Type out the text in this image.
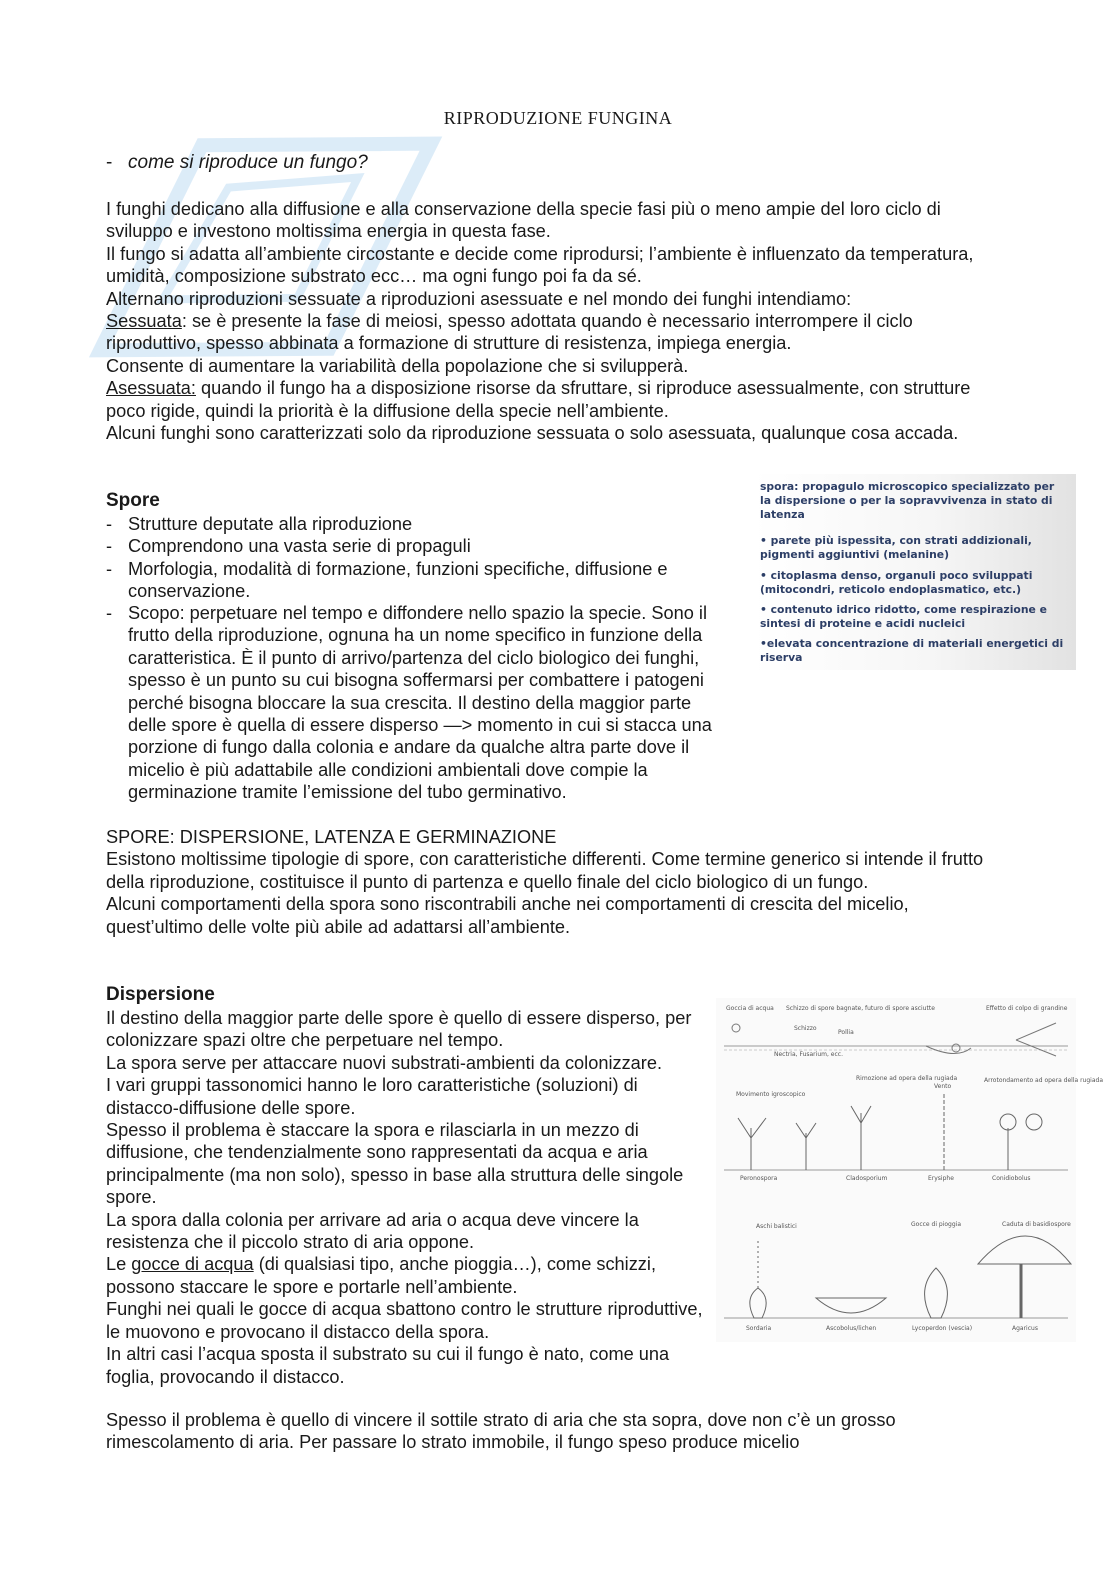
RIPRODUZIONE FUNGINA
- come si riproduce un fungo?

I funghi dedicano alla diffusione e alla conservazione della specie fasi più o meno ampie del loro ciclo di sviluppo e investono moltissima energia in questa fase.

Il fungo si adatta all’ambiente circostante e decide come riprodursi; l’ambiente è influenzato da temperatura, umidità, composizione substrato ecc… ma ogni fungo poi fa da sé.

Alternano riproduzioni sessuate a riproduzioni asessuate e nel mondo dei funghi intendiamo:

Sessuata: se è presente la fase di meiosi, spesso adottata quando è necessario interrompere il ciclo riproduttivo, spesso abbinata a formazione di strutture di resistenza, impiega energia.

Consente di aumentare la variabilità della popolazione che si svilupperà.

Asessuata: quando il fungo ha a disposizione risorse da sfruttare, si riproduce asessualmente, con strutture poco rigide, quindi la priorità è la diffusione della specie nell’ambiente.

Alcuni funghi sono caratterizzati solo da riproduzione sessuata o solo asessuata, qualunque cosa accada.

Spore
- Strutture deputate alla riproduzione
- Comprendono una vasta serie di propaguli
- Morfologia, modalità di formazione, funzioni specifiche, diffusione e conservazione.
- Scopo: perpetuare nel tempo e diffondere nello spazio la specie. Sono il frutto della riproduzione, ognuna ha un nome specifico in funzione della caratteristica. È il punto di arrivo/partenza del ciclo biologico dei funghi, spesso è un punto su cui bisogna soffermarsi per combattere i patogeni perché bisogna bloccare la sua crescita. Il destino della maggior parte delle spore è quella di essere disperso —> momento in cui si stacca una porzione di fungo dalla colonia e andare da qualche altra parte dove il micelio è più adattabile alle condizioni ambientali dove compie la germinazione tramite l’emissione del tubo germinativo.
spora: propagulo microscopico specializzato per la dispersione o per la sopravvivenza in stato di latenza
• parete più ispessita, con strati addizionali, pigmenti aggiuntivi (melanine)
• citoplasma denso, organuli poco sviluppati (mitocondri, reticolo endoplasmatico, etc.)
• contenuto idrico ridotto, come respirazione e sintesi di proteine e acidi nucleici
•elevata concentrazione di materiali energetici di riserva

SPORE: DISPERSIONE, LATENZA E GERMINAZIONE

Esistono moltissime tipologie di spore, con caratteristiche differenti. Come termine generico si intende il frutto della riproduzione, costituisce il punto di partenza e quello finale del ciclo biologico di un fungo.

Alcuni comportamenti della spora sono riscontrabili anche nei comportamenti di crescita del micelio, quest’ultimo delle volte più abile ad adattarsi all’ambiente.

Dispersione

Il destino della maggior parte delle spore è quello di essere disperso, per colonizzare spazi oltre che perpetuare nel tempo.

La spora serve per attaccare nuovi substrati-ambienti da colonizzare.

I vari gruppi tassonomici hanno le loro caratteristiche (soluzioni) di distacco-diffusione delle spore.

Spesso il problema è staccare la spora e rilasciarla in un mezzo di diffusione, che tendenzialmente sono rappresentati da acqua e aria principalmente (ma non solo), spesso in base alla struttura delle singole spore.

La spora dalla colonia per arrivare ad aria o acqua deve vincere la resistenza che il piccolo strato di aria oppone.

Le gocce di acqua (di qualsiasi tipo, anche pioggia…), come schizzi, possono staccare le spore e portarle nell’ambiente.

Funghi nei quali le gocce di acqua sbattono contro le strutture riproduttive, le muovono e provocano il distacco della spora.

In altri casi l’acqua sposta il substrato su cui il fungo è nato, come una foglia, provocando il distacco.

Spesso il problema è quello di vincere il sottile strato di aria che sta sopra, dove non c’è un grosso rimescolamento di aria. Per passare lo strato immobile, il fungo speso produce micelio

Goccia di acqua Schizzo di spore bagnate, futuro di spore asciutte	Effetto di colpo di grandine
Schizzo
Pollia
Nectria, Fusarium, ecc.
Movimento igroscopico
Rimozione ad opera della rugiada
Vento
Arrotondamento ad opera della rugiada
Peronospora	Cladosporium	Erysiphe	Conidiobolus
Aschi balistici	Gocce di pioggia	Caduta di basidiospore
Sordaria	Ascobolus/lichen	Lycoperdon (vescia)	Agaricus
